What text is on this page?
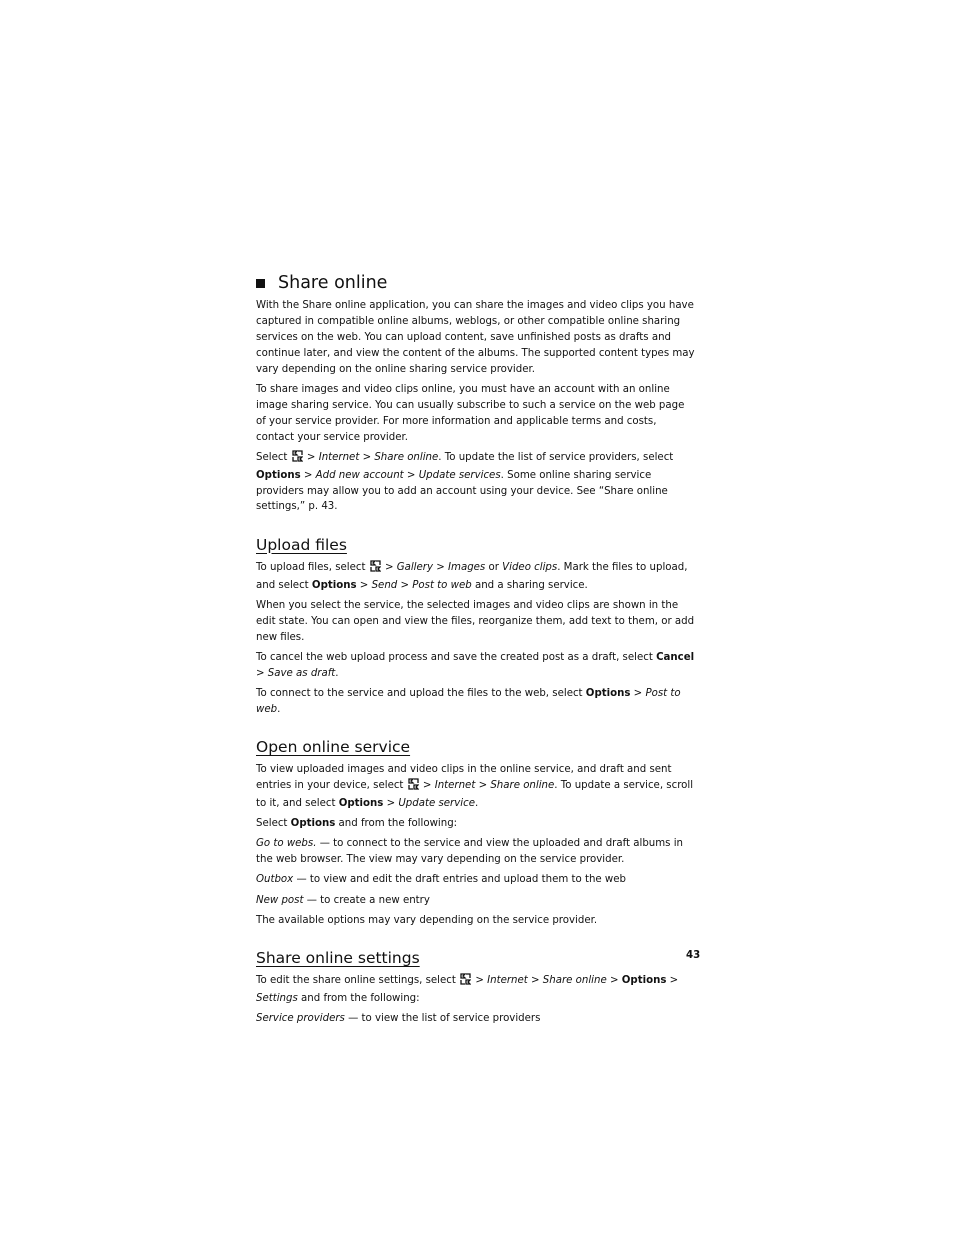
Share online

With the Share online application, you can share the images and video clips you have captured in compatible online albums, weblogs, or other compatible online sharing services on the web. You can upload content, save unfinished posts as drafts and continue later, and view the content of the albums. The supported content types may vary depending on the online sharing service provider.

To share images and video clips online, you must have an account with an online image sharing service. You can usually subscribe to such a service on the web page of your service provider. For more information and applicable terms and costs, contact your service provider.

Select  > Internet > Share online. To update the list of service providers, select Options > Add new account > Update services. Some online sharing service providers may allow you to add an account using your device. See “Share online settings,” p. 43.

Upload files

To upload files, select  > Gallery > Images or Video clips. Mark the files to upload, and select Options > Send > Post to web and a sharing service.

When you select the service, the selected images and video clips are shown in the edit state. You can open and view the files, reorganize them, add text to them, or add new files.

To cancel the web upload process and save the created post as a draft, select Cancel > Save as draft.

To connect to the service and upload the files to the web, select Options > Post to web.

Open online service

To view uploaded images and video clips in the online service, and draft and sent entries in your device, select  > Internet > Share online. To update a service, scroll to it, and select Options > Update service.

Select Options and from the following:

Go to webs. — to connect to the service and view the uploaded and draft albums in the web browser. The view may vary depending on the service provider.

Outbox — to view and edit the draft entries and upload them to the web

New post — to create a new entry

The available options may vary depending on the service provider.

Share online settings

To edit the share online settings, select  > Internet > Share online > Options > Settings and from the following:

Service providers — to view the list of service providers

43
